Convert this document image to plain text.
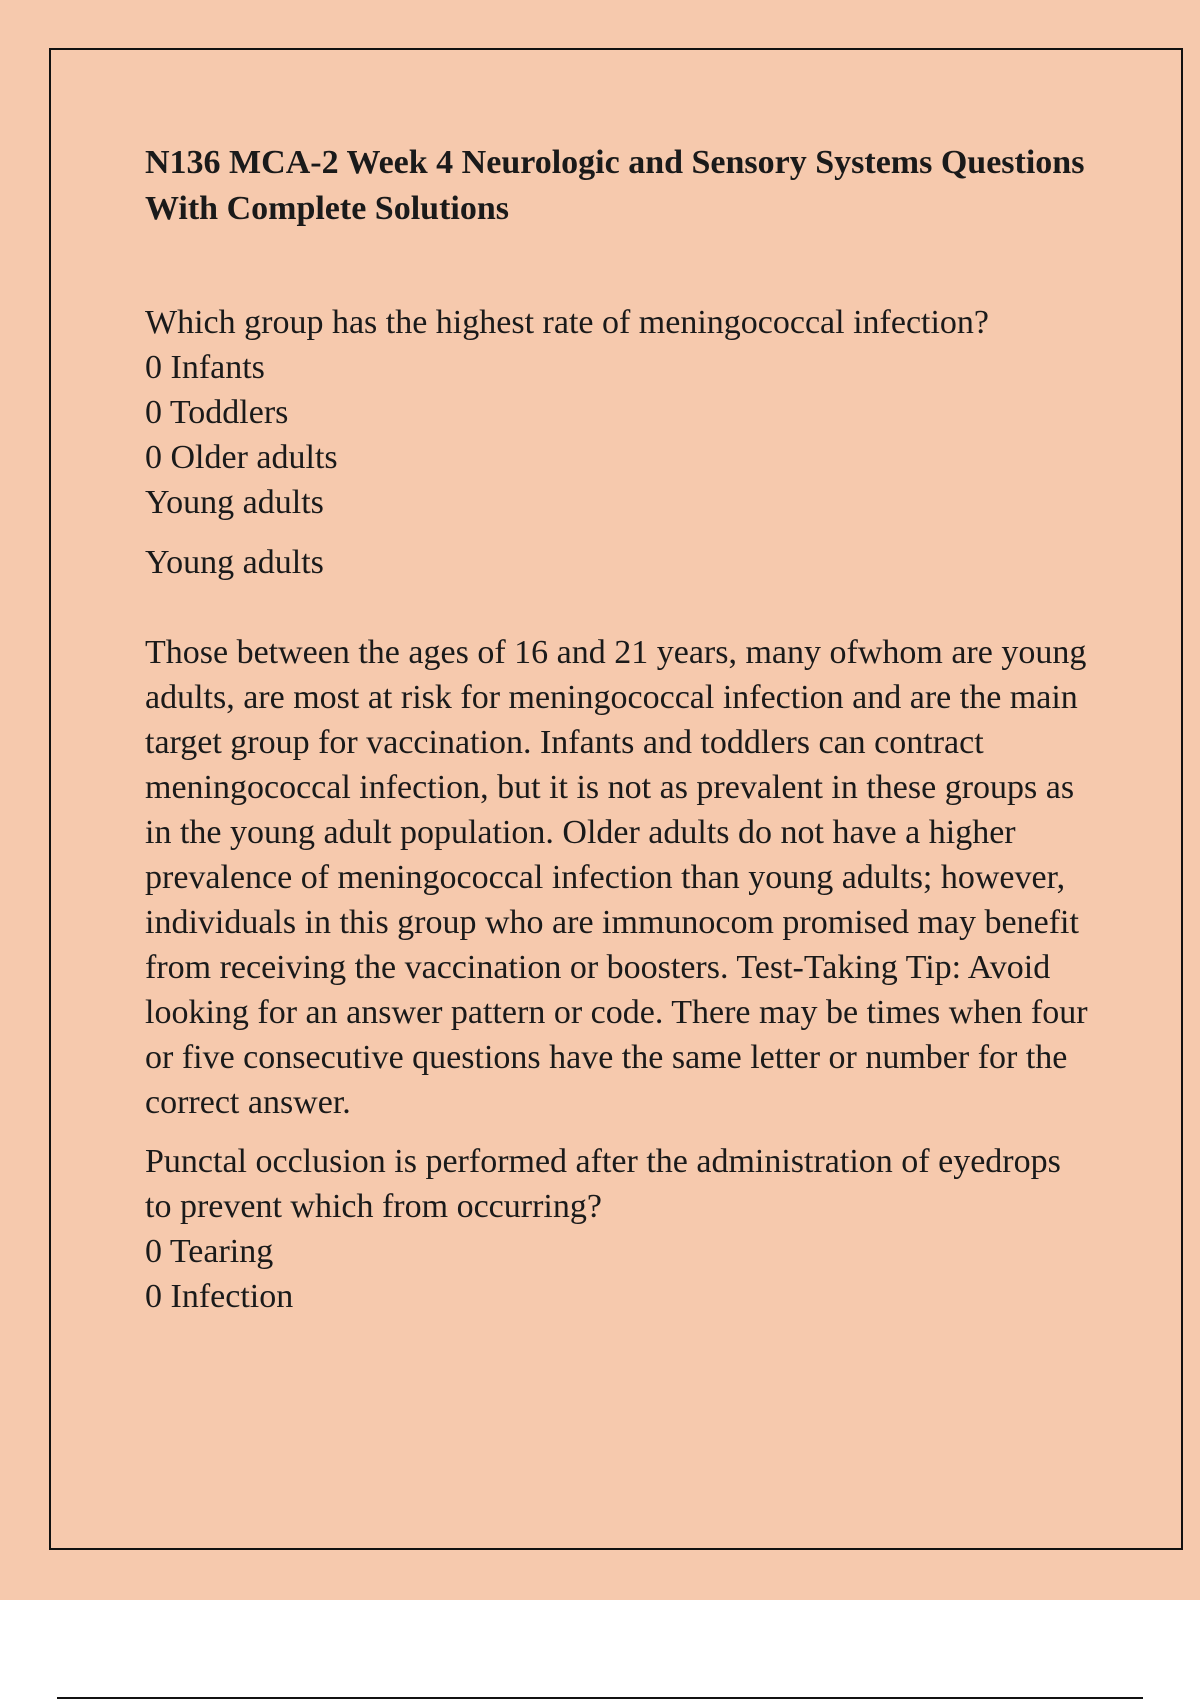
N136 MCA-2 Week 4 Neurologic and Sensory Systems Questions With Complete Solutions

Which group has the highest rate of meningococcal infection?

0 Infants

0 Toddlers

0 Older adults

Young adults

Young adults

Those between the ages of 16 and 21 years, many ofwhom are young adults, are most at risk for meningococcal infection and are the main target group for vaccination. Infants and toddlers can contract meningococcal infection, but it is not as prevalent in these groups as in the young adult population. Older adults do not have a higher prevalence of meningococcal infection than young adults; however, individuals in this group who are immunocom promised may benefit from receiving the vaccination or boosters. Test-Taking Tip: Avoid looking for an answer pattern or code. There may be times when four or five consecutive questions have the same letter or number for the correct answer.

Punctal occlusion is performed after the administration of eyedrops to prevent which from occurring?

0 Tearing

0 Infection
